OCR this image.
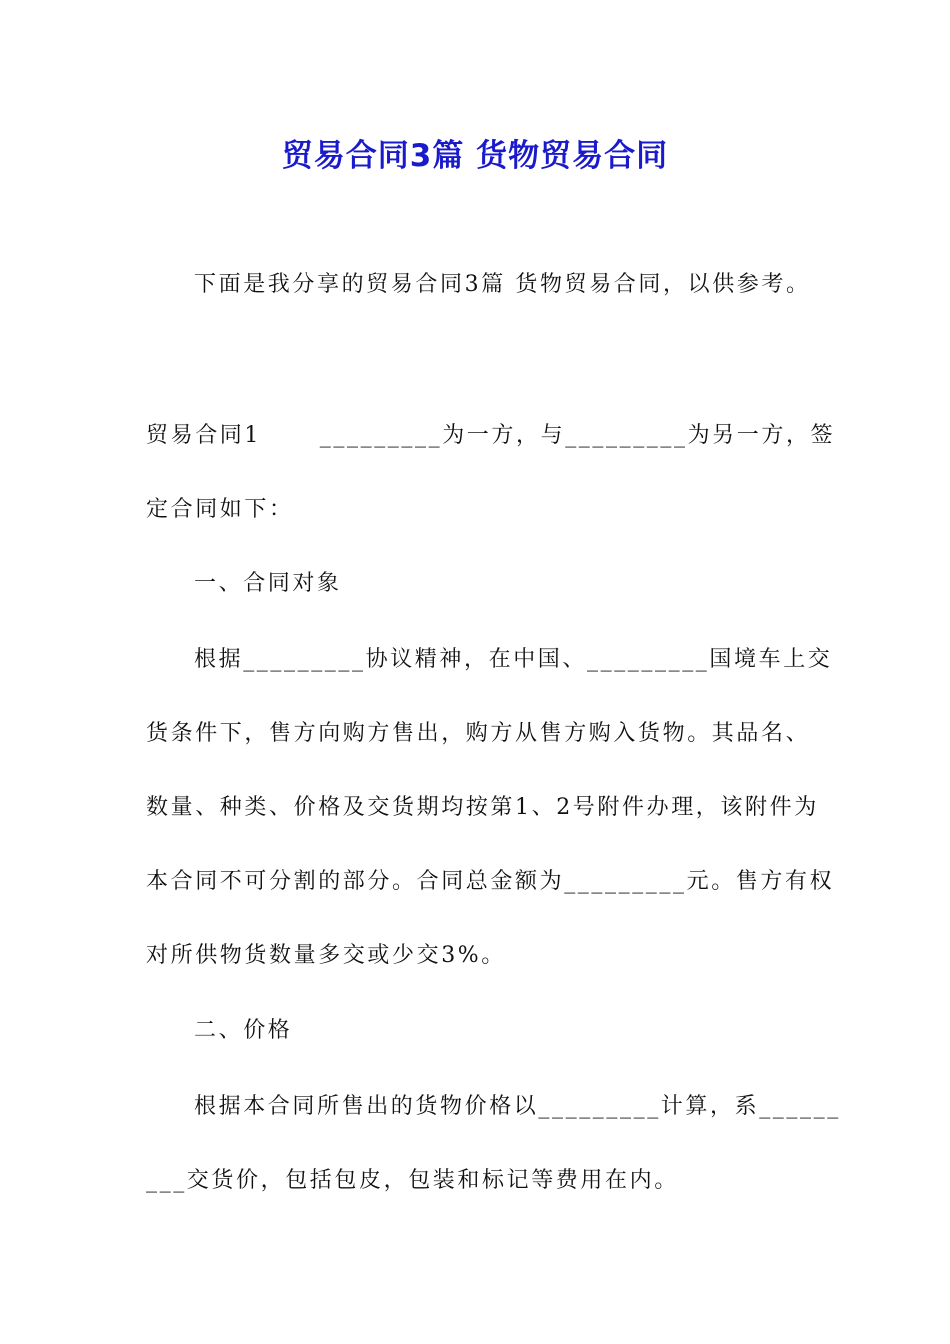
贸易合同3篇 货物贸易合同
下面是我分享的贸易合同3篇 货物贸易合同，以供参考。
贸易合同1　　 _________为一方，与_________为另一方，签
定合同如下：
一、合同对象
根据_________协议精神，在中国、_________国境车上交
货条件下，售方向购方售出，购方从售方购入货物。其品名、
数量、种类、价格及交货期均按第1、2号附件办理，该附件为
本合同不可分割的部分。合同总金额为_________元。售方有权
对所供物货数量多交或少交3%。
二、价格
根据本合同所售出的货物价格以_________计算，系______
___交货价，包括包皮，包装和标记等费用在内。
